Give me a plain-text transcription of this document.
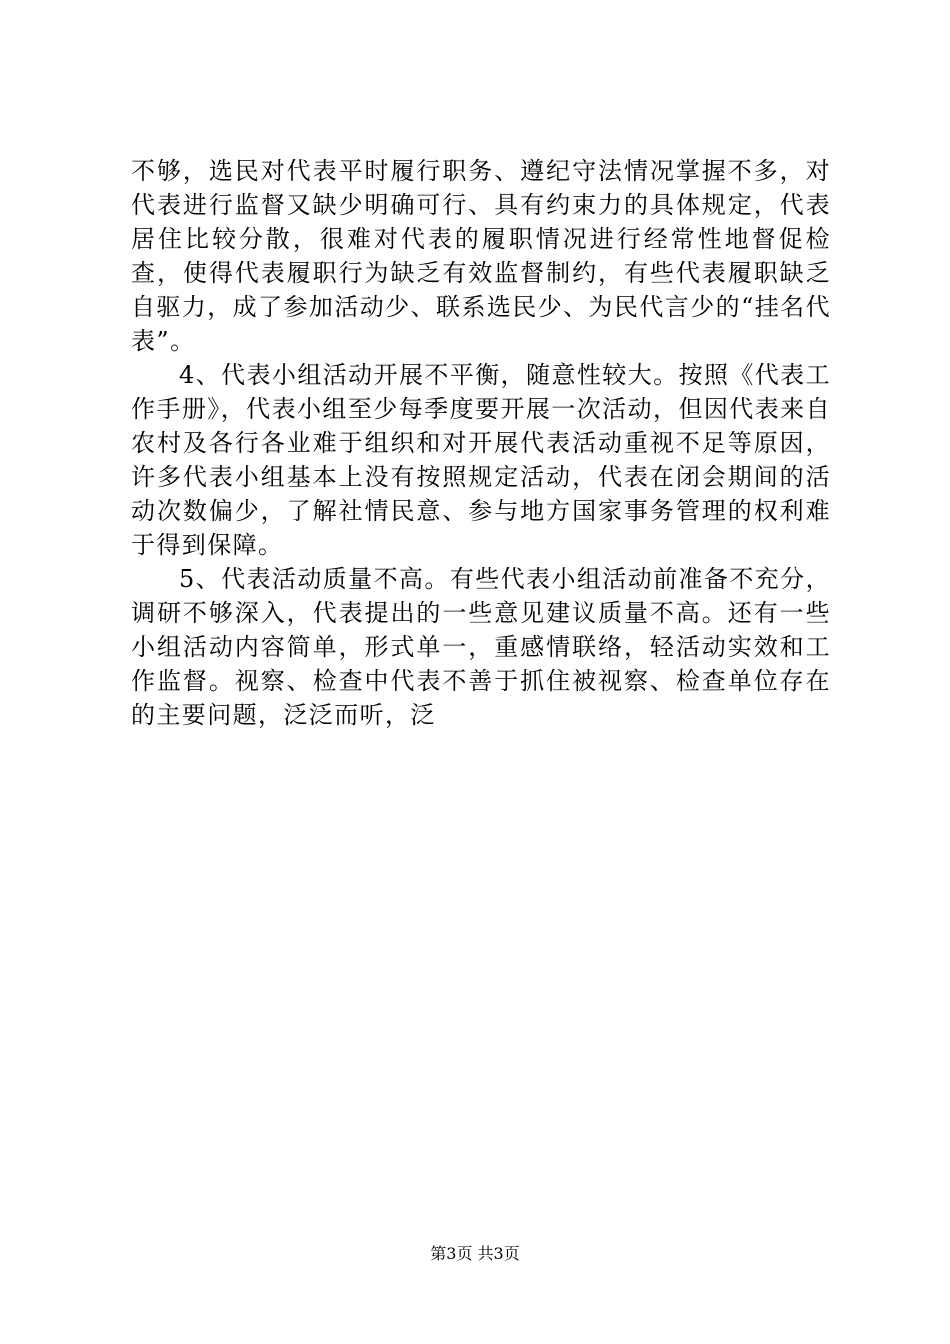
不够，选民对代表平时履行职务、遵纪守法情况掌握不多，对代表进行监督又缺少明确可行、具有约束力的具体规定，代表居住比较分散，很难对代表的履职情况进行经常性地督促检查，使得代表履职行为缺乏有效监督制约，有些代表履职缺乏自驱力，成了参加活动少、联系选民少、为民代言少的“挂名代表”。

4、代表小组活动开展不平衡，随意性较大。按照《代表工作手册》，代表小组至少每季度要开展一次活动，但因代表来自农村及各行各业难于组织和对开展代表活动重视不足等原因，许多代表小组基本上没有按照规定活动，代表在闭会期间的活动次数偏少，了解社情民意、参与地方国家事务管理的权利难于得到保障。

5、代表活动质量不高。有些代表小组活动前准备不充分，调研不够深入，代表提出的一些意见建议质量不高。还有一些小组活动内容简单，形式单一，重感情联络，轻活动实效和工作监督。视察、检查中代表不善于抓住被视察、检查单位存在的主要问题，泛泛而听，泛

第3页 共3页
